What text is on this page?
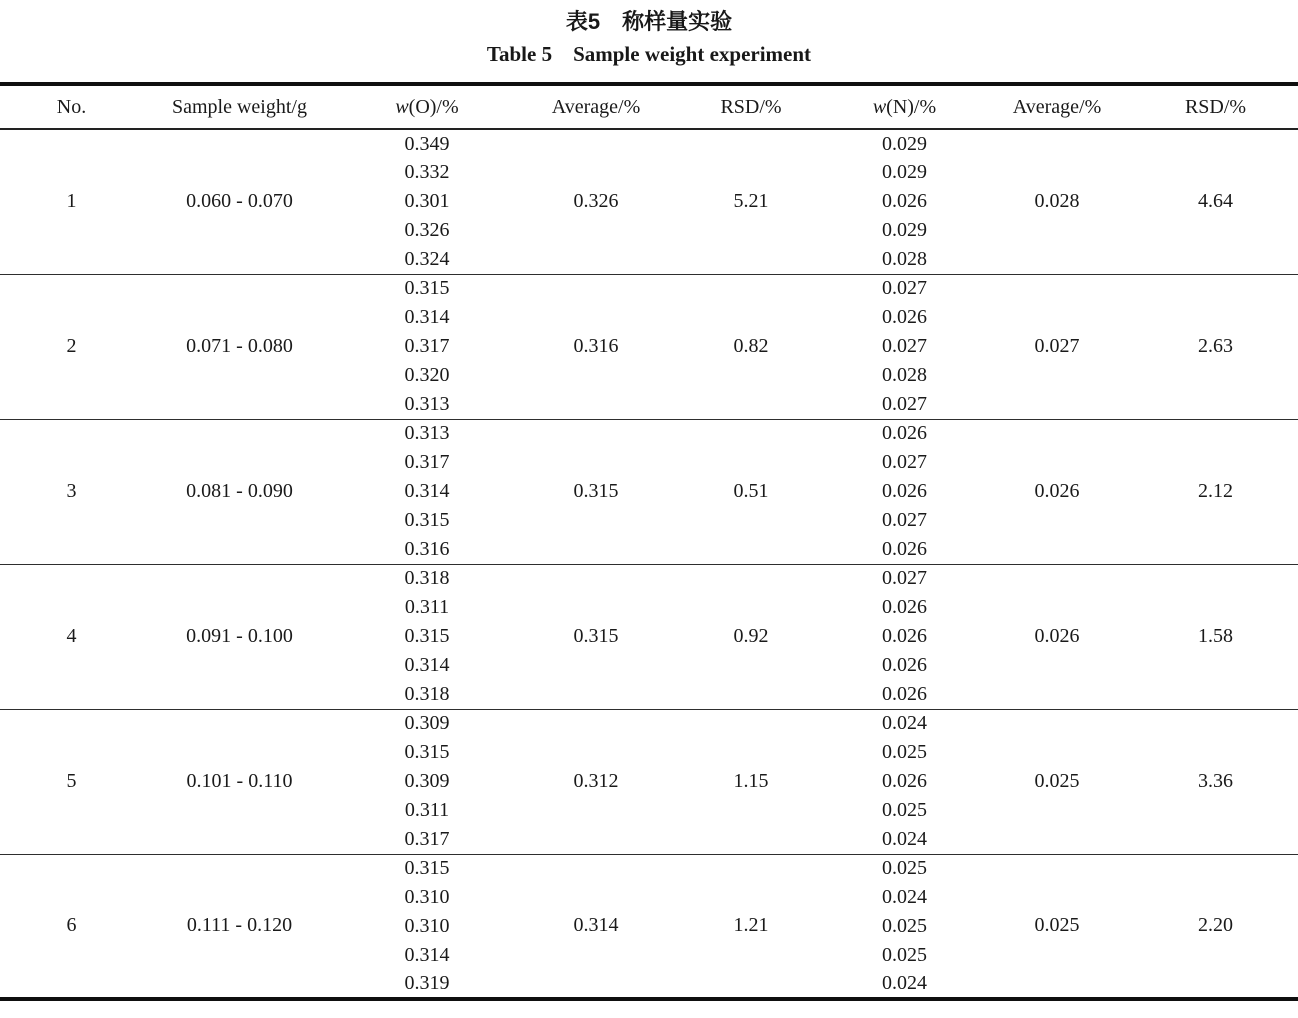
表5　称样量实验
Table 5 Sample weight experiment
No.	Sample weight/g	w(O)/%	Average/%	RSD/%	w(N)/%	Average/%	RSD/%
1	0.060 - 0.070	0.349	0.326	5.21	0.029	0.028	4.64
		0.332			0.029		
		0.301			0.026		
		0.326			0.029		
		0.324			0.028		
2	0.071 - 0.080	0.315	0.316	0.82	0.027	0.027	2.63
		0.314			0.026		
		0.317			0.027		
		0.320			0.028		
		0.313			0.027		
3	0.081 - 0.090	0.313	0.315	0.51	0.026	0.026	2.12
		0.317			0.027		
		0.314			0.026		
		0.315			0.027		
		0.316			0.026		
4	0.091 - 0.100	0.318	0.315	0.92	0.027	0.026	1.58
		0.311			0.026		
		0.315			0.026		
		0.314			0.026		
		0.318			0.026		
5	0.101 - 0.110	0.309	0.312	1.15	0.024	0.025	3.36
		0.315			0.025		
		0.309			0.026		
		0.311			0.025		
		0.317			0.024		
6	0.111 - 0.120	0.315	0.314	1.21	0.025	0.025	2.20
		0.310			0.024		
		0.310			0.025		
		0.314			0.025		
		0.319			0.024		
